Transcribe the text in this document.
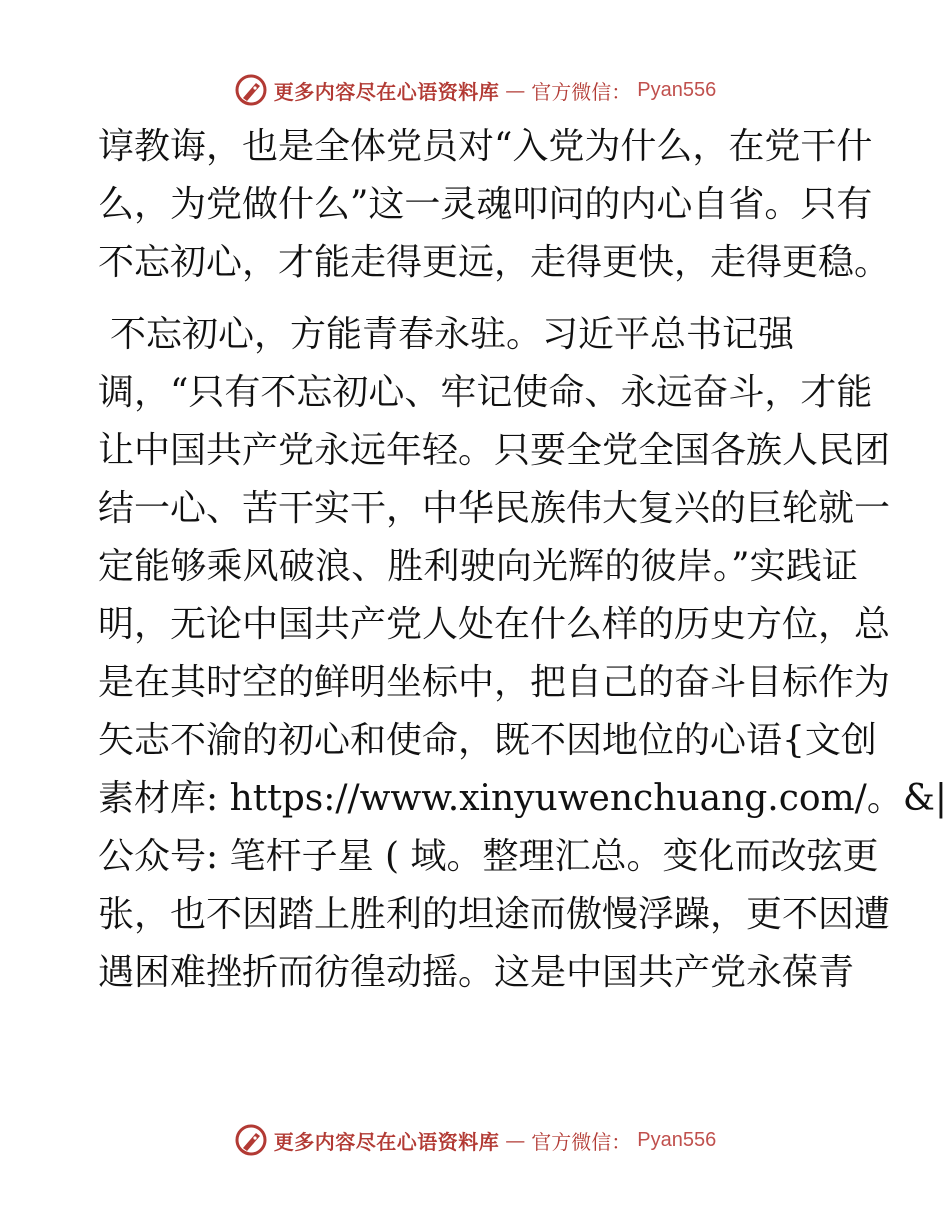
更多内容尽在心语资料库 — 官方微信： Pyan556
谆教诲，也是全体党员对“入党为什么，在党干什
么，为党做什么”这一灵魂叩问的内心自省。只有
不忘初心，才能走得更远，走得更快，走得更稳。
不忘初心，方能青春永驻。习近平总书记强
调，“只有不忘初心、牢记使命、永远奋斗，才能
让中国共产党永远年轻。只要全党全国各族人民团
结一心、苦干实干，中华民族伟大复兴的巨轮就一
定能够乘风破浪、胜利驶向光辉的彼岸。”实践证
明，无论中国共产党人处在什么样的历史方位，总
是在其时空的鲜明坐标中，把自己的奋斗目标作为
矢志不渝的初心和使命，既不因地位的心语{文创
素材库: https://www.xinyuwenchuang.com/。&|
公众号: 笔杆子星 ( 域。整理汇总。变化而改弦更
张，也不因踏上胜利的坦途而傲慢浮躁，更不因遭
遇困难挫折而彷徨动摇。这是中国共产党永葆青
更多内容尽在心语资料库 — 官方微信： Pyan556
